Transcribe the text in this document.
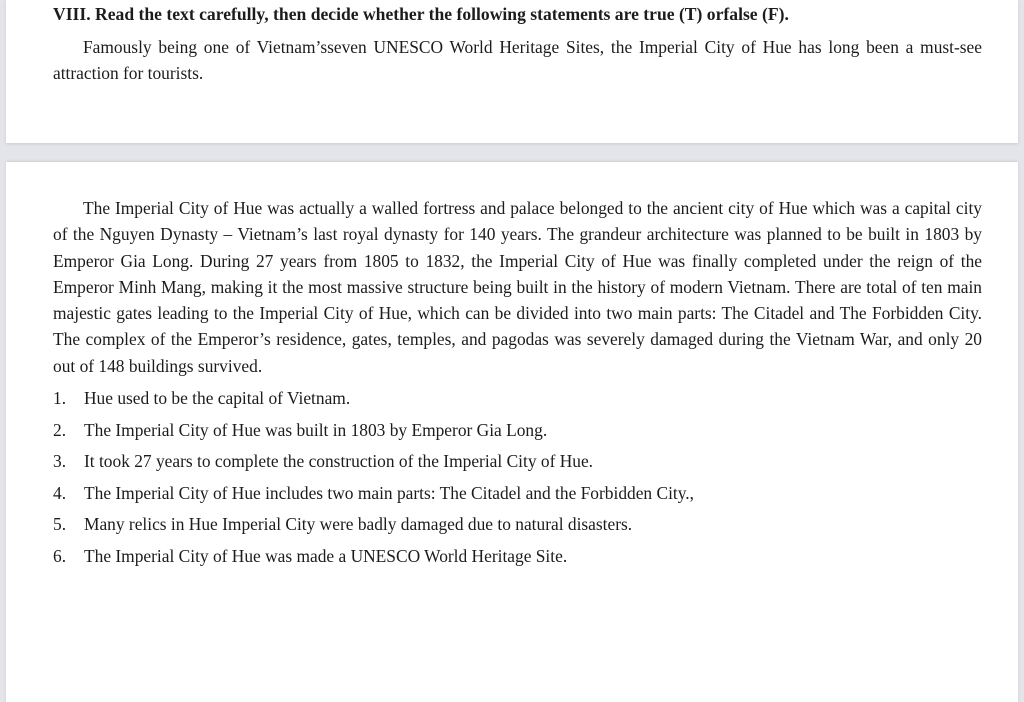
VIII. Read the text carefully, then decide whether the following statements are true (T) orfalse (F).
Famously being one of Vietnam’sseven UNESCO World Heritage Sites, the Imperial City of Hue has long been a must-see attraction for tourists.
The Imperial City of Hue was actually a walled fortress and palace belonged to the ancient city of Hue which was a capital city of the Nguyen Dynasty – Vietnam’s last royal dynasty for 140 years. The grandeur architecture was planned to be built in 1803 by Emperor Gia Long. During 27 years from 1805 to 1832, the Imperial City of Hue was finally completed under the reign of the Emperor Minh Mang, making it the most massive structure being built in the history of modern Vietnam. There are total of ten main majestic gates leading to the Imperial City of Hue, which can be divided into two main parts: The Citadel and The Forbidden City. The complex of the Emperor’s residence, gates, temples, and pagodas was severely damaged during the Vietnam War, and only 20 out of 148 buildings survived.
1. Hue used to be the capital of Vietnam.
2. The Imperial City of Hue was built in 1803 by Emperor Gia Long.
3. It took 27 years to complete the construction of the Imperial City of Hue.
4. The Imperial City of Hue includes two main parts: The Citadel and the Forbidden City.,
5. Many relics in Hue Imperial City were badly damaged due to natural disasters.
6. The Imperial City of Hue was made a UNESCO World Heritage Site.
